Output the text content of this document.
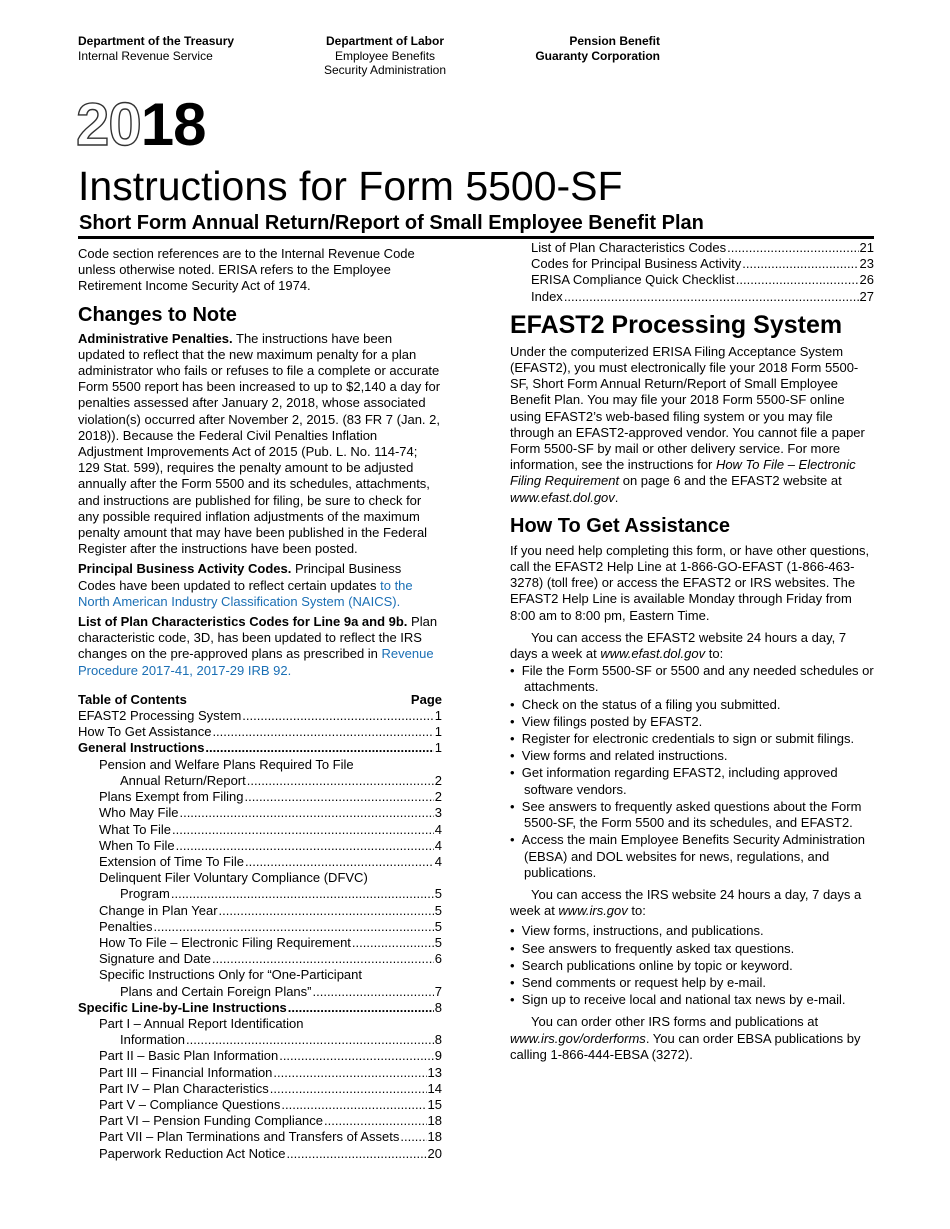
Department of the Treasury
Internal Revenue Service
Department of Labor
Employee Benefits
Security Administration
Pension Benefit
Guaranty Corporation
2018
Instructions for Form 5500-SF
Short Form Annual Return/Report of Small Employee Benefit Plan
Code section references are to the Internal Revenue Code unless otherwise noted. ERISA refers to the Employee Retirement Income Security Act of 1974.
Changes to Note
Administrative Penalties. The instructions have been updated to reflect that the new maximum penalty for a plan administrator who fails or refuses to file a complete or accurate Form 5500 report has been increased to up to $2,140 a day for penalties assessed after January 2, 2018, whose associated violation(s) occurred after November 2, 2015. (83 FR 7 (Jan. 2, 2018)). Because the Federal Civil Penalties Inflation Adjustment Improvements Act of 2015 (Pub. L. No. 114-74; 129 Stat. 599), requires the penalty amount to be adjusted annually after the Form 5500 and its schedules, attachments, and instructions are published for filing, be sure to check for any possible required inflation adjustments of the maximum penalty amount that may have been published in the Federal Register after the instructions have been posted.
Principal Business Activity Codes. Principal Business Codes have been updated to reflect certain updates to the North American Industry Classification System (NAICS).
List of Plan Characteristics Codes for Line 9a and 9b. Plan characteristic code, 3D, has been updated to reflect the IRS changes on the pre-approved plans as prescribed in Revenue Procedure 2017-41, 2017-29 IRB 92.
Table of Contents	Page
EFAST2 Processing System .....	1
How To Get Assistance .....	1
General Instructions .....	1
Pension and Welfare Plans Required To File
Annual Return/Report .....	2
Plans Exempt from Filing .....	2
Who May File .....	3
What To File .....	4
When To File .....	4
Extension of Time To File .....	4
Delinquent Filer Voluntary Compliance (DFVC)
Program .....	5
Change in Plan Year .....	5
Penalties .....	5
How To File – Electronic Filing Requirement .....	5
Signature and Date .....	6
Specific Instructions Only for “One-Participant
Plans and Certain Foreign Plans” .....	7
Specific Line-by-Line Instructions .....	8
Part I – Annual Report Identification
Information .....	8
Part II – Basic Plan Information .....	9
Part III – Financial Information .....	13
Part IV – Plan Characteristics .....	14
Part V – Compliance Questions .....	15
Part VI – Pension Funding Compliance .....	18
Part VII – Plan Terminations and Transfers of Assets ..... 18
Paperwork Reduction Act Notice .....	20
List of Plan Characteristics Codes .....	21
Codes for Principal Business Activity .....	23
ERISA Compliance Quick Checklist .....	26
Index .....	27
EFAST2 Processing System
Under the computerized ERISA Filing Acceptance System (EFAST2), you must electronically file your 2018 Form 5500-SF, Short Form Annual Return/Report of Small Employee Benefit Plan. You may file your 2018 Form 5500-SF online using EFAST2’s web-based filing system or you may file through an EFAST2-approved vendor. You cannot file a paper Form 5500-SF by mail or other delivery service. For more information, see the instructions for How To File – Electronic Filing Requirement on page 6 and the EFAST2 website at www.efast.dol.gov.
How To Get Assistance
If you need help completing this form, or have other questions, call the EFAST2 Help Line at 1-866-GO-EFAST (1-866-463-3278) (toll free) or access the EFAST2 or IRS websites. The EFAST2 Help Line is available Monday through Friday from 8:00 am to 8:00 pm, Eastern Time.
You can access the EFAST2 website 24 hours a day, 7 days a week at www.efast.dol.gov to:
•  File the Form 5500-SF or 5500 and any needed schedules or attachments.
•  Check on the status of a filing you submitted.
•  View filings posted by EFAST2.
•  Register for electronic credentials to sign or submit filings.
•  View forms and related instructions.
•  Get information regarding EFAST2, including approved software vendors.
•  See answers to frequently asked questions about the Form 5500-SF, the Form 5500 and its schedules, and EFAST2.
•  Access the main Employee Benefits Security Administration (EBSA) and DOL websites for news, regulations, and publications.
You can access the IRS website 24 hours a day, 7 days a week at www.irs.gov to:
•  View forms, instructions, and publications.
•  See answers to frequently asked tax questions.
•  Search publications online by topic or keyword.
•  Send comments or request help by e-mail.
•  Sign up to receive local and national tax news by e-mail.
You can order other IRS forms and publications at www.irs.gov/orderforms. You can order EBSA publications by calling 1-866-444-EBSA (3272).
